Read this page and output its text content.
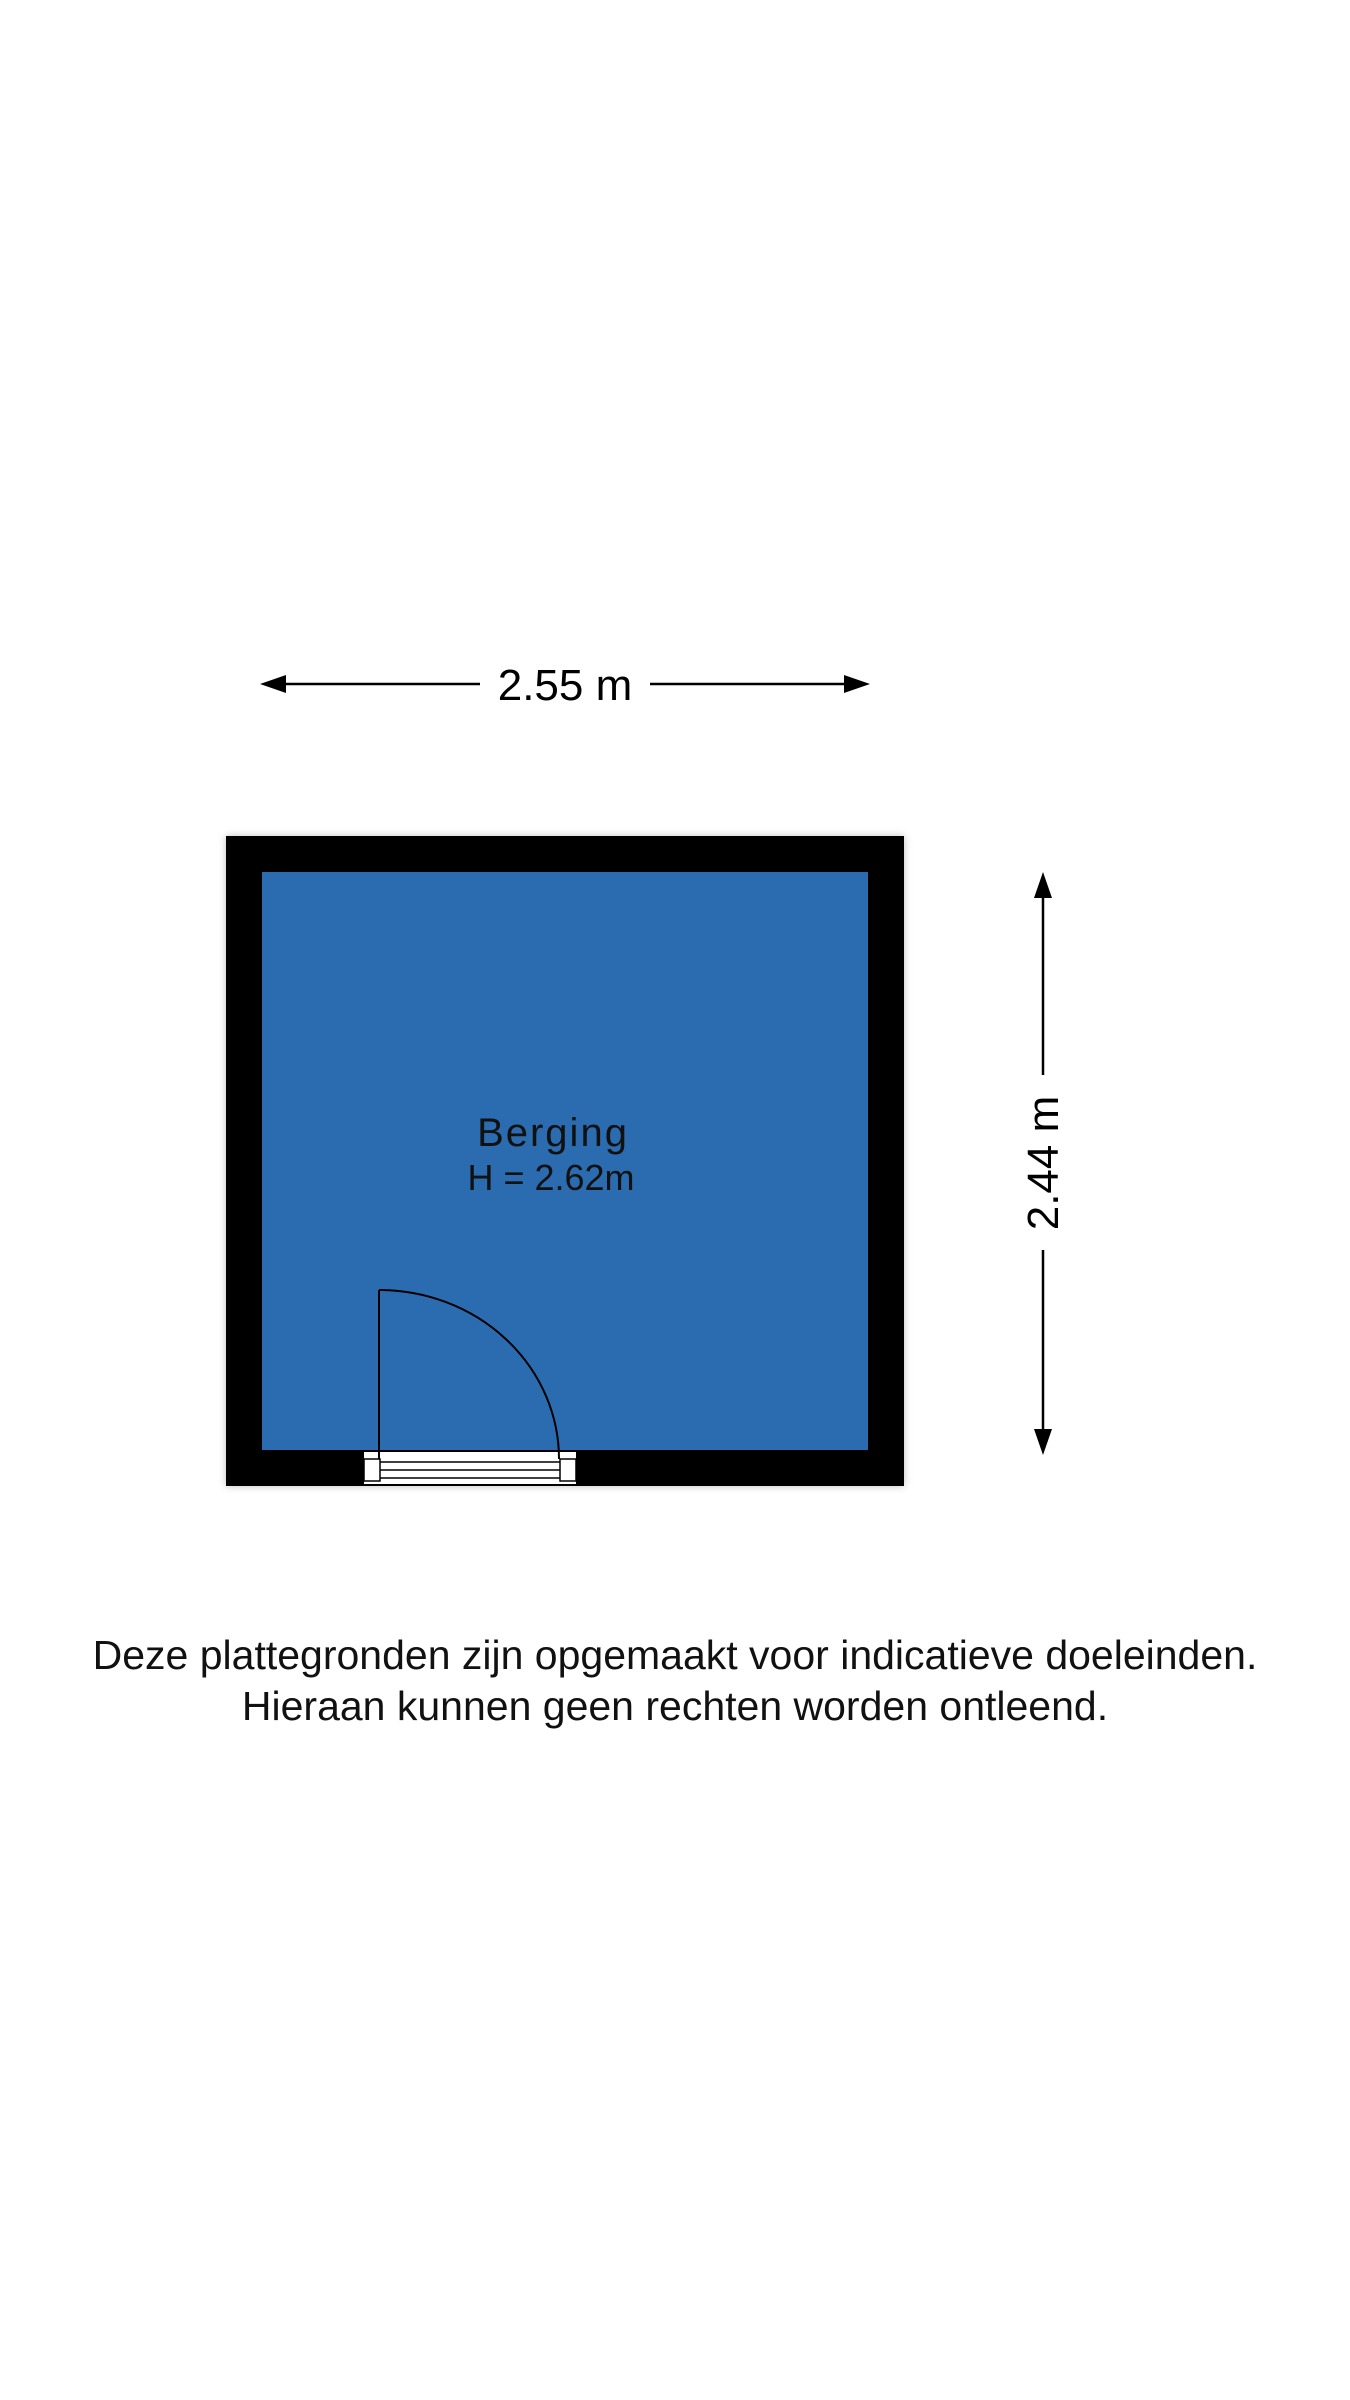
2.55 m
Berging
H = 2.62m	2.44 m
Deze plattegronden zijn opgemaakt voor indicatieve doeleinden.
Hieraan kunnen geen rechten worden ontleend.
